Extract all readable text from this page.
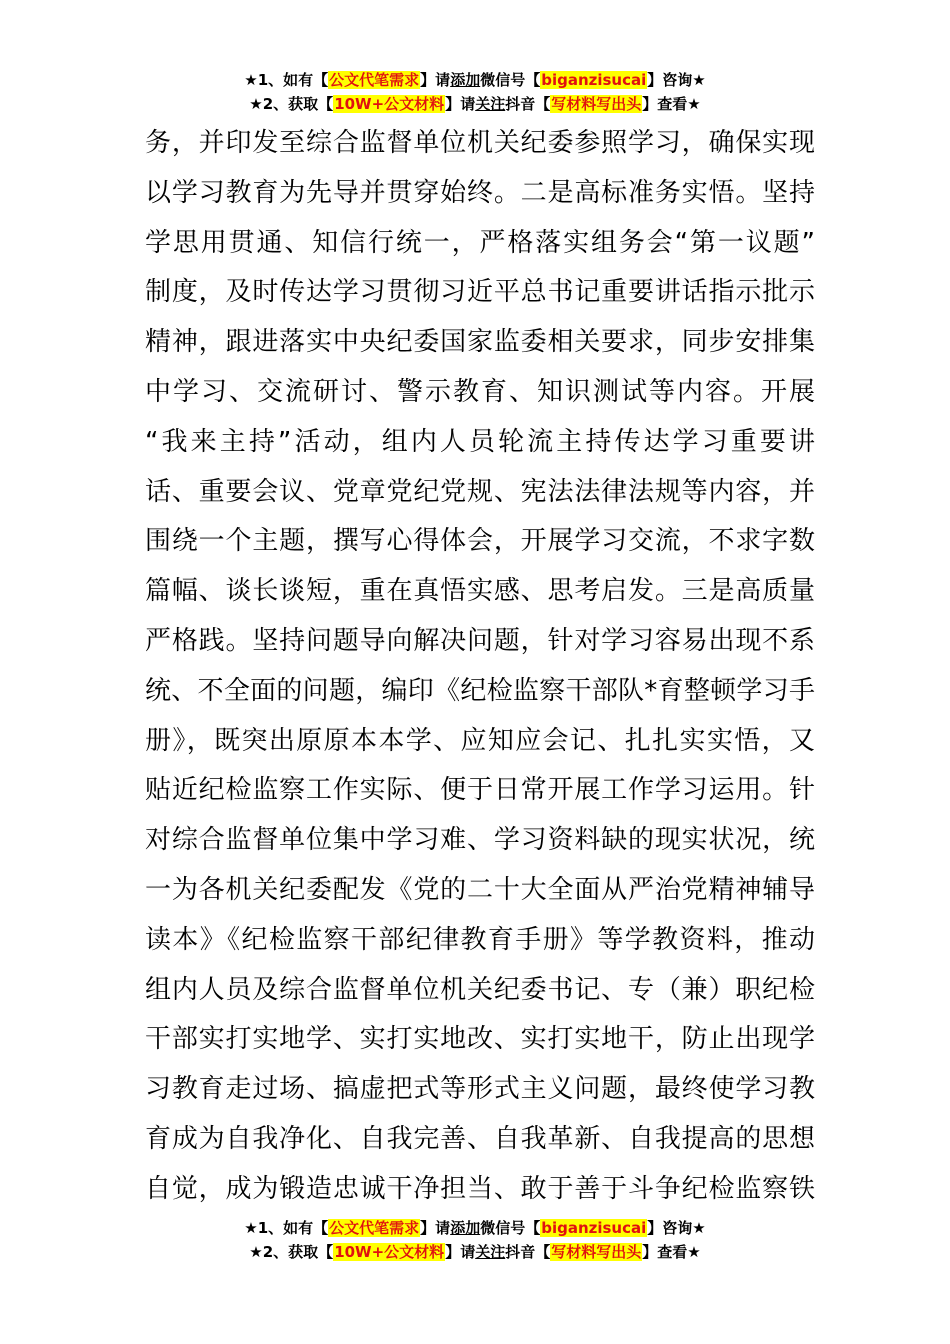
★1、如有【公文代笔需求】请添加微信号【biganzisucai】咨询★
★2、获取【10W+公文材料】请关注抖音【写材料写出头】查看★
务，并印发至综合监督单位机关纪委参照学习，确保实现
以学习教育为先导并贯穿始终。二是高标准务实悟。坚持
学思用贯通、知信行统一，严格落实组务会“第一议题”
制度，及时传达学习贯彻习近平总书记重要讲话指示批示
精神，跟进落实中央纪委国家监委相关要求，同步安排集
中学习、交流研讨、警示教育、知识测试等内容。开展
“我来主持”活动，组内人员轮流主持传达学习重要讲
话、重要会议、党章党纪党规、宪法法律法规等内容，并
围绕一个主题，撰写心得体会，开展学习交流，不求字数
篇幅、谈长谈短，重在真悟实感、思考启发。三是高质量
严格践。坚持问题导向解决问题，针对学习容易出现不系
统、不全面的问题，编印《纪检监察干部队*育整顿学习手
册》，既突出原原本本学、应知应会记、扎扎实实悟，又
贴近纪检监察工作实际、便于日常开展工作学习运用。针
对综合监督单位集中学习难、学习资料缺的现实状况，统
一为各机关纪委配发《党的二十大全面从严治党精神辅导
读本》《纪检监察干部纪律教育手册》等学教资料，推动
组内人员及综合监督单位机关纪委书记、专（兼）职纪检
干部实打实地学、实打实地改、实打实地干，防止出现学
习教育走过场、搞虚把式等形式主义问题，最终使学习教
育成为自我净化、自我完善、自我革新、自我提高的思想
自觉，成为锻造忠诚干净担当、敢于善于斗争纪检监察铁
★1、如有【公文代笔需求】请添加微信号【biganzisucai】咨询★
★2、获取【10W+公文材料】请关注抖音【写材料写出头】查看★
